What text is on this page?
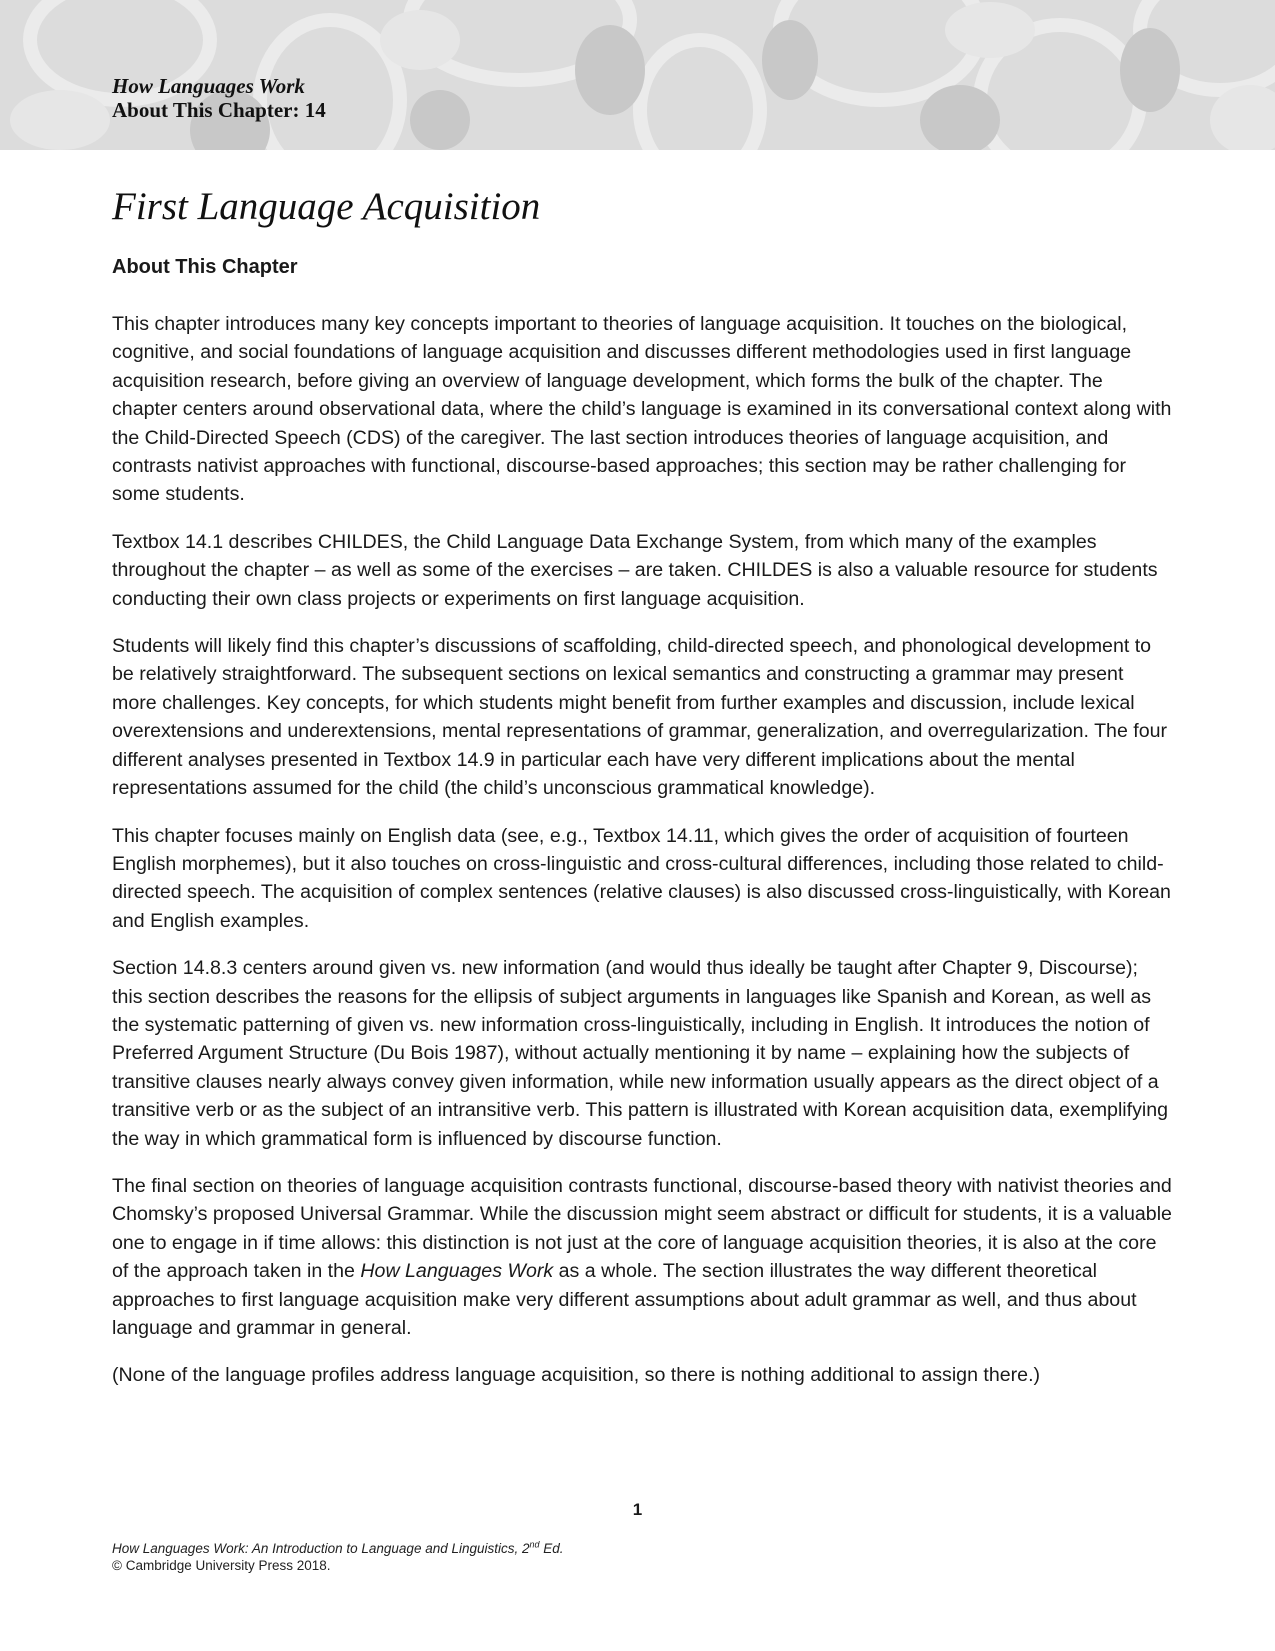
How Languages Work
About This Chapter: 14
First Language Acquisition
About This Chapter

This chapter introduces many key concepts important to theories of language acquisition. It touches on the biological, cognitive, and social foundations of language acquisition and discusses different methodologies used in first language acquisition research, before giving an overview of language development, which forms the bulk of the chapter. The chapter centers around observational data, where the child’s language is examined in its conversational context along with the Child-Directed Speech (CDS) of the caregiver. The last section introduces theories of language acquisition, and contrasts nativist approaches with functional, discourse-based approaches; this section may be rather challenging for some students.

Textbox 14.1 describes CHILDES, the Child Language Data Exchange System, from which many of the examples throughout the chapter – as well as some of the exercises – are taken. CHILDES is also a valuable resource for students conducting their own class projects or experiments on first language acquisition.

Students will likely find this chapter’s discussions of scaffolding, child-directed speech, and phonological development to be relatively straightforward. The subsequent sections on lexical semantics and constructing a grammar may present more challenges. Key concepts, for which students might benefit from further examples and discussion, include lexical overextensions and underextensions, mental representations of grammar, generalization, and overregularization. The four different analyses presented in Textbox 14.9 in particular each have very different implications about the mental representations assumed for the child (the child’s unconscious grammatical knowledge).

This chapter focuses mainly on English data (see, e.g., Textbox 14.11, which gives the order of acquisition of fourteen English morphemes), but it also touches on cross-linguistic and cross-cultural differences, including those related to child-directed speech. The acquisition of complex sentences (relative clauses) is also discussed cross-linguistically, with Korean and English examples.

Section 14.8.3 centers around given vs. new information (and would thus ideally be taught after Chapter 9, Discourse); this section describes the reasons for the ellipsis of subject arguments in languages like Spanish and Korean, as well as the systematic patterning of given vs. new information cross-linguistically, including in English. It introduces the notion of Preferred Argument Structure (Du Bois 1987), without actually mentioning it by name – explaining how the subjects of transitive clauses nearly always convey given information, while new information usually appears as the direct object of a transitive verb or as the subject of an intransitive verb. This pattern is illustrated with Korean acquisition data, exemplifying the way in which grammatical form is influenced by discourse function.

The final section on theories of language acquisition contrasts functional, discourse-based theory with nativist theories and Chomsky’s proposed Universal Grammar. While the discussion might seem abstract or difficult for students, it is a valuable one to engage in if time allows: this distinction is not just at the core of language acquisition theories, it is also at the core of the approach taken in the How Languages Work as a whole. The section illustrates the way different theoretical approaches to first language acquisition make very different assumptions about adult grammar as well, and thus about language and grammar in general.

(None of the language profiles address language acquisition, so there is nothing additional to assign there.)

1
How Languages Work: An Introduction to Language and Linguistics, 2nd Ed.
© Cambridge University Press 2018.
